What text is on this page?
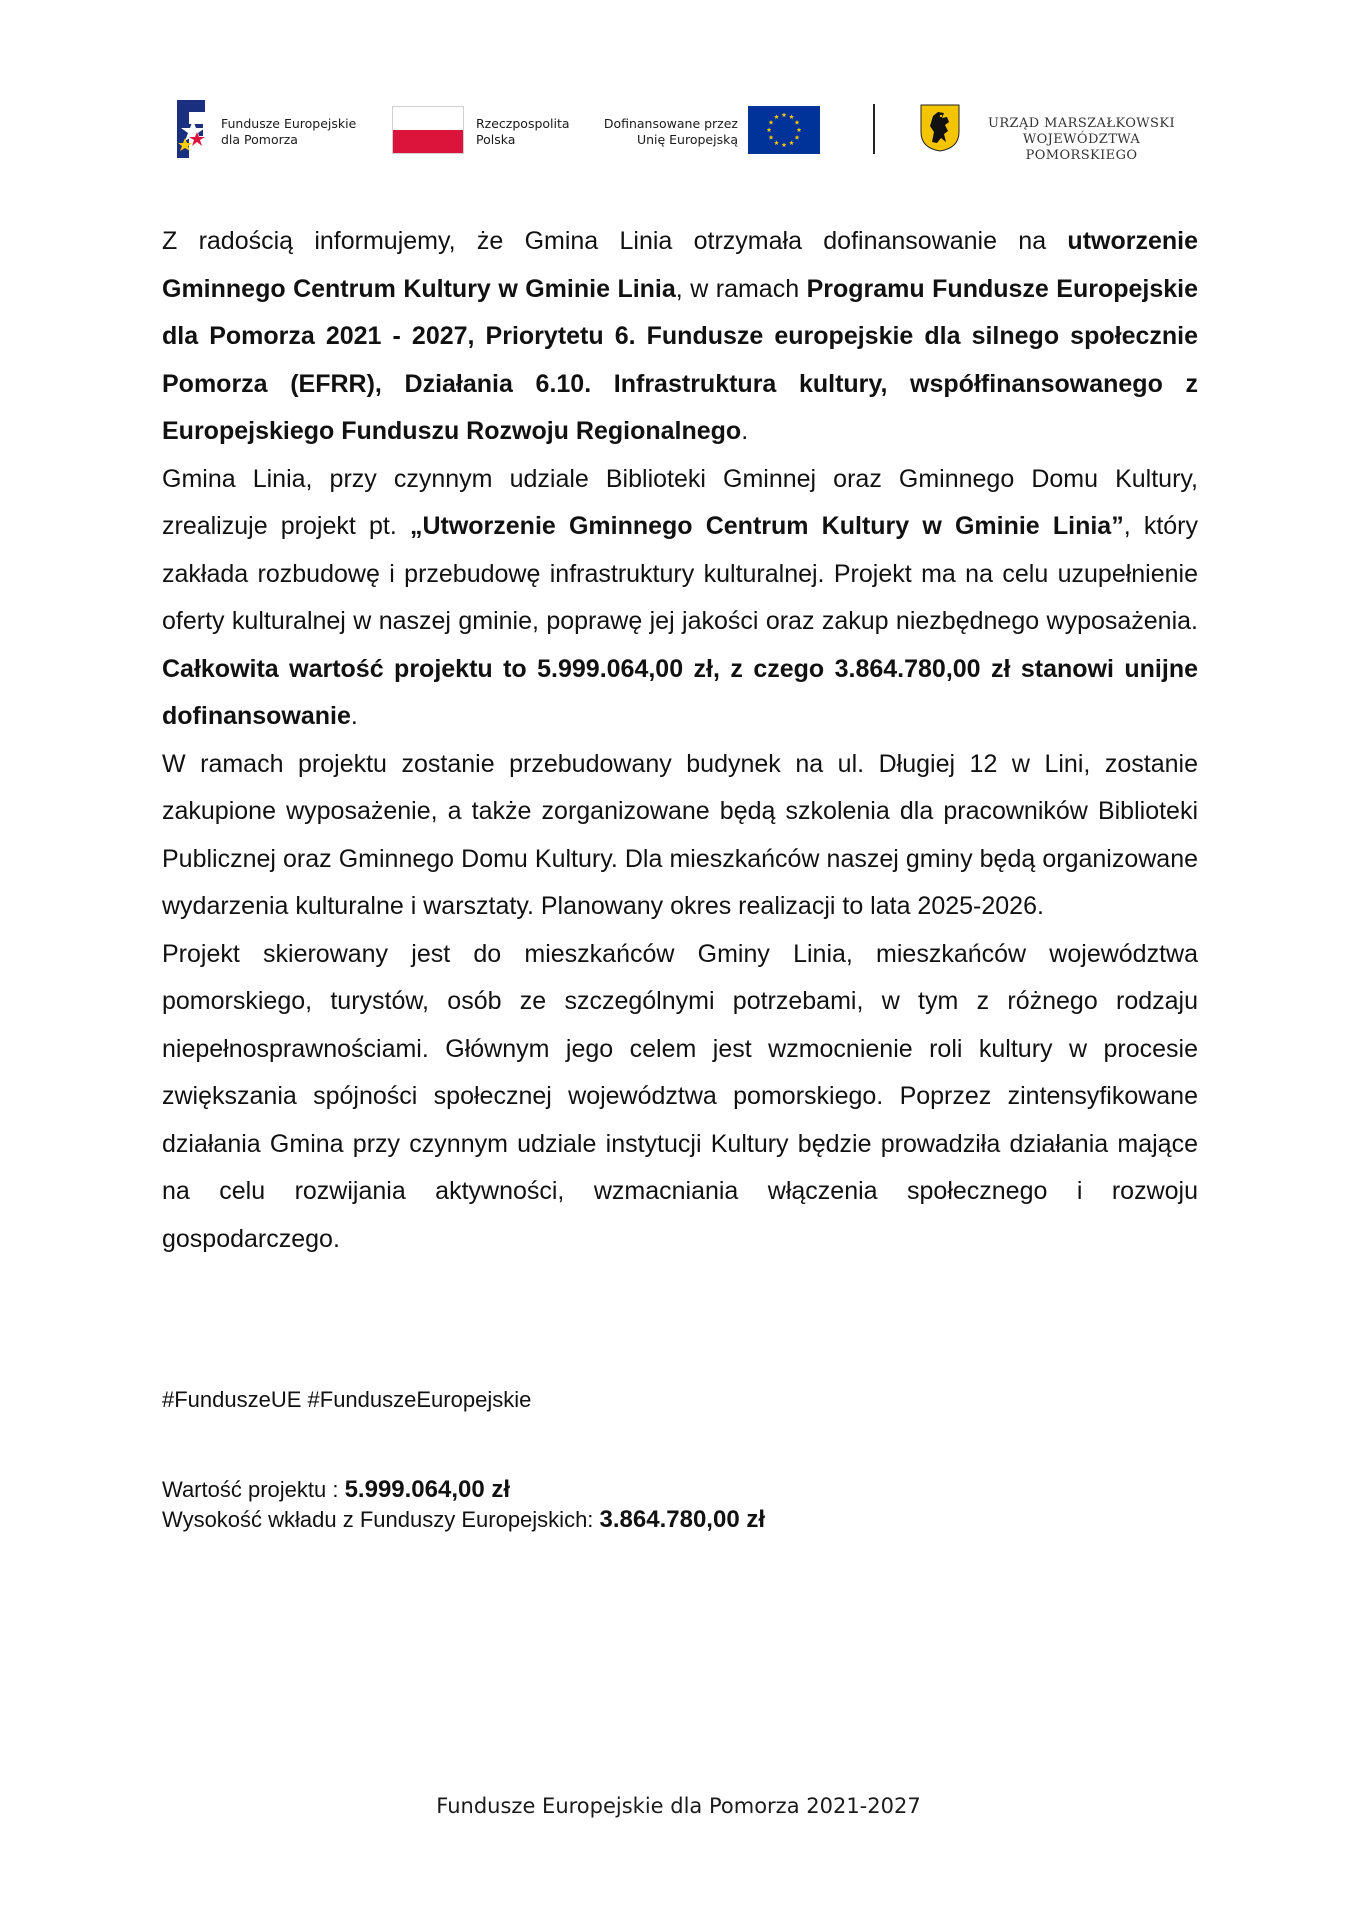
Fundusze Europejskie
dla Pomorza
Rzeczpospolita
Polska
Dofinansowane przez
Unię Europejską
URZĄD MARSZAŁKOWSKI
WOJEWÓDZTWA POMORSKIEGO

Z radością informujemy, że Gmina Linia otrzymała dofinansowanie na utworzenie Gminnego Centrum Kultury w Gminie Linia, w ramach Programu Fundusze Europejskie dla Pomorza 2021 - 2027, Priorytetu 6. Fundusze europejskie dla silnego społecznie Pomorza (EFRR), Działania 6.10. Infrastruktura kultury, współfinansowanego z Europejskiego Funduszu Rozwoju Regionalnego.

Gmina Linia, przy czynnym udziale Biblioteki Gminnej oraz Gminnego Domu Kultury, zrealizuje projekt pt. „Utworzenie Gminnego Centrum Kultury w Gminie Linia”, który zakłada rozbudowę i przebudowę infrastruktury kulturalnej. Projekt ma na celu uzupełnienie oferty kulturalnej w naszej gminie, poprawę jej jakości oraz zakup niezbędnego wyposażenia. Całkowita wartość projektu to 5.999.064,00 zł, z czego 3.864.780,00 zł stanowi unijne dofinansowanie.

W ramach projektu zostanie przebudowany budynek na ul. Długiej 12 w Lini, zostanie zakupione wyposażenie, a także zorganizowane będą szkolenia dla pracowników Biblioteki Publicznej oraz Gminnego Domu Kultury. Dla mieszkańców naszej gminy będą organizowane wydarzenia kulturalne i warsztaty. Planowany okres realizacji to lata 2025-2026.

Projekt skierowany jest do mieszkańców Gminy Linia, mieszkańców województwa pomorskiego, turystów, osób ze szczególnymi potrzebami, w tym z różnego rodzaju niepełnosprawnościami. Głównym jego celem jest wzmocnienie roli kultury w procesie zwiększania spójności społecznej województwa pomorskiego. Poprzez zintensyfikowane działania Gmina przy czynnym udziale instytucji Kultury będzie prowadziła działania mające na celu rozwijania aktywności, wzmacniania włączenia społecznego i rozwoju gospodarczego.

#FunduszeUE #FunduszeEuropejskie
Wartość projektu : 5.999.064,00 zł
Wysokość wkładu z Funduszy Europejskich: 3.864.780,00 zł
Fundusze Europejskie dla Pomorza 2021-2027
